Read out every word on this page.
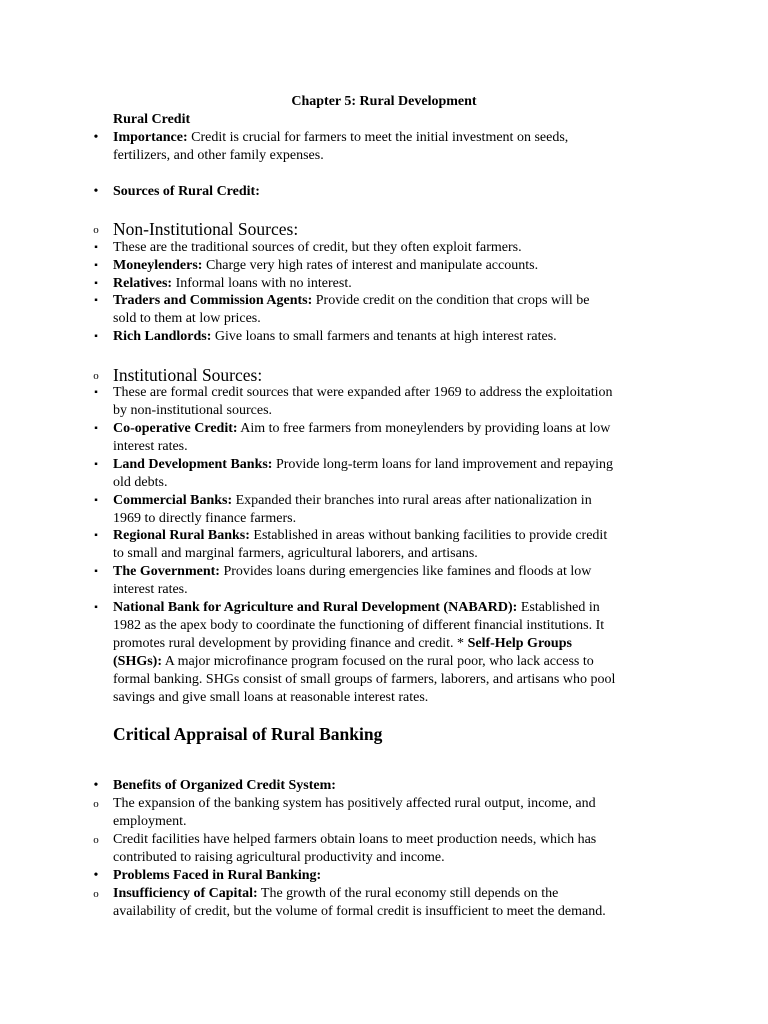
Chapter 5: Rural Development
Rural Credit
•	Importance: Credit is crucial for farmers to meet the initial investment on seeds,
fertilizers, and other family expenses.
•	Sources of Rural Credit:
o Non-Institutional Sources:
▪	These are the traditional sources of credit, but they often exploit farmers.
▪	Moneylenders: Charge very high rates of interest and manipulate accounts.
▪	Relatives: Informal loans with no interest.
▪	Traders and Commission Agents: Provide credit on the condition that crops will be
sold to them at low prices.
▪	Rich Landlords: Give loans to small farmers and tenants at high interest rates.
o Institutional Sources:
▪	These are formal credit sources that were expanded after 1969 to address the exploitation
by non-institutional sources.
▪	Co-operative Credit: Aim to free farmers from moneylenders by providing loans at low
interest rates.
▪	Land Development Banks: Provide long-term loans for land improvement and repaying
old debts.
▪	Commercial Banks: Expanded their branches into rural areas after nationalization in
1969 to directly finance farmers.
▪	Regional Rural Banks: Established in areas without banking facilities to provide credit
to small and marginal farmers, agricultural laborers, and artisans.
▪	The Government: Provides loans during emergencies like famines and floods at low
interest rates.
▪	National Bank for Agriculture and Rural Development (NABARD): Established in
1982 as the apex body to coordinate the functioning of different financial institutions. It
promotes rural development by providing finance and credit. * Self-Help Groups
(SHGs): A major microfinance program focused on the rural poor, who lack access to
formal banking. SHGs consist of small groups of farmers, laborers, and artisans who pool
savings and give small loans at reasonable interest rates.
Critical Appraisal of Rural Banking
•	Benefits of Organized Credit System:
o	The expansion of the banking system has positively affected rural output, income, and
employment.
o	Credit facilities have helped farmers obtain loans to meet production needs, which has
contributed to raising agricultural productivity and income.
•	Problems Faced in Rural Banking:
o	Insufficiency of Capital: The growth of the rural economy still depends on the
availability of credit, but the volume of formal credit is insufficient to meet the demand.
